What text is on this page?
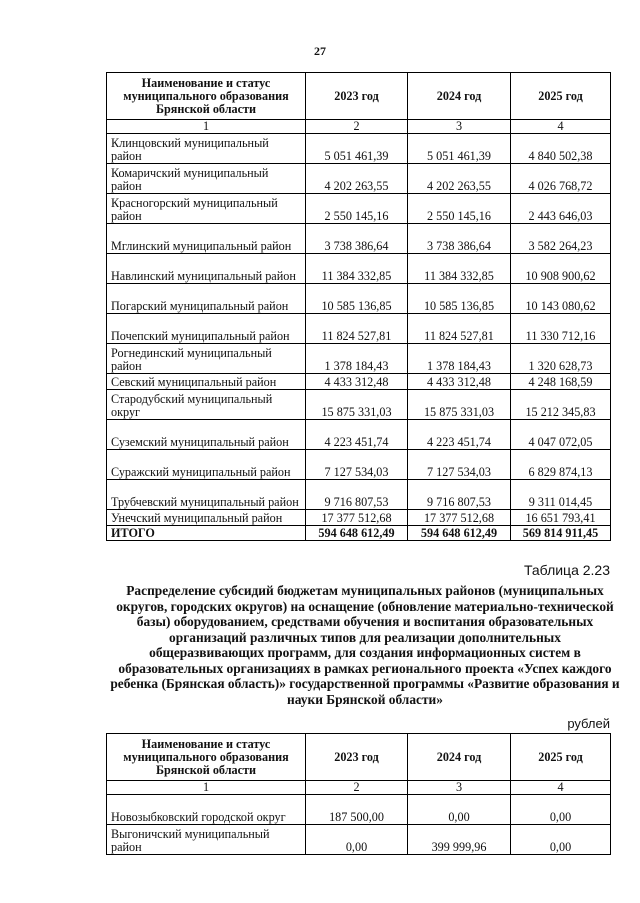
27
Наименование и статус муниципального образования Брянской области	2023 год	2024 год	2025 год
1	2	3	4
Клинцовский муниципальный район	5 051 461,39	5 051 461,39	4 840 502,38
Комаричский муниципальный район	4 202 263,55	4 202 263,55	4 026 768,72
Красногорский муниципальный район	2 550 145,16	2 550 145,16	2 443 646,03
Мглинский муниципальный район	3 738 386,64	3 738 386,64	3 582 264,23
Навлинский муниципальный район	11 384 332,85	11 384 332,85	10 908 900,62
Погарский муниципальный район	10 585 136,85	10 585 136,85	10 143 080,62
Почепский муниципальный район	11 824 527,81	11 824 527,81	11 330 712,16
Рогнединский муниципальный район	1 378 184,43	1 378 184,43	1 320 628,73
Севский муниципальный район	4 433 312,48	4 433 312,48	4 248 168,59
Стародубский муниципальный округ	15 875 331,03	15 875 331,03	15 212 345,83
Суземский муниципальный район	4 223 451,74	4 223 451,74	4 047 072,05
Суражский муниципальный район	7 127 534,03	7 127 534,03	6 829 874,13
Трубчевский муниципальный район	9 716 807,53	9 716 807,53	9 311 014,45
Унечский муниципальный район	17 377 512,68	17 377 512,68	16 651 793,41
ИТОГО	594 648 612,49	594 648 612,49	569 814 911,45
Таблица 2.23
Распределение субсидий бюджетам муниципальных районов (муниципальных округов, городских округов) на оснащение (обновление материально-технической базы) оборудованием, средствами обучения и воспитания образовательных организаций различных типов для реализации дополнительных общеразвивающих программ, для создания информационных систем в образовательных организациях в рамках регионального проекта «Успех каждого ребенка (Брянская область)» государственной программы «Развитие образования и науки Брянской области»
рублей
Наименование и статус муниципального образования Брянской области	2023 год	2024 год	2025 год
1	2	3	4
Новозыбковский городской округ	187 500,00	0,00	0,00
Выгоничский муниципальный район	0,00	399 999,96	0,00
